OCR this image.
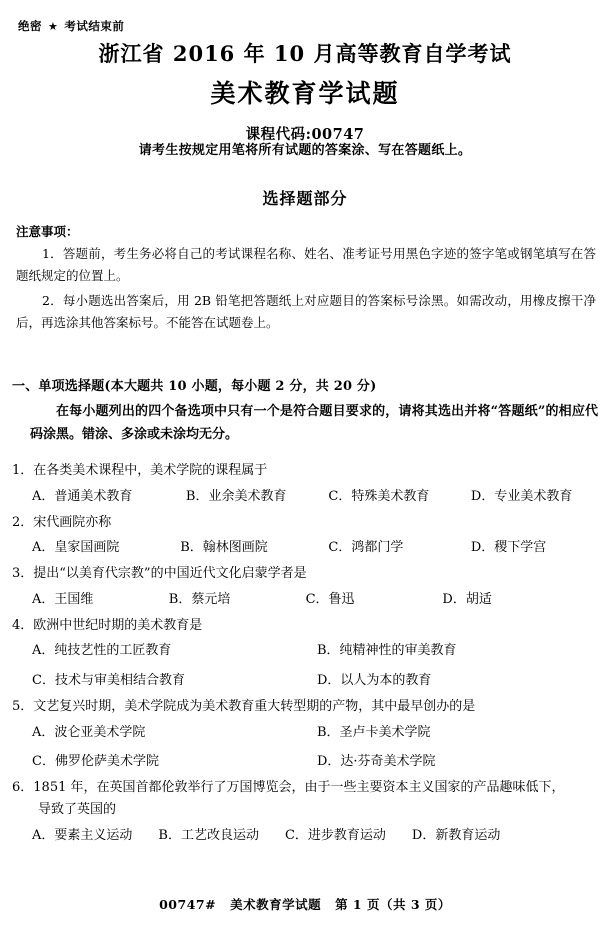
绝密 ★ 考试结束前
浙江省 2016 年 10 月高等教育自学考试
美术教育学试题
课程代码:00747
请考生按规定用笔将所有试题的答案涂、写在答题纸上。
选择题部分
注意事项：
1．答题前，考生务必将自己的考试课程名称、姓名、准考证号用黑色字迹的签字笔或钢笔填写在答题纸规定的位置上。
2．每小题选出答案后，用 2B 铅笔把答题纸上对应题目的答案标号涂黑。如需改动，用橡皮擦干净后，再选涂其他答案标号。不能答在试题卷上。
一、单项选择题(本大题共 10 小题，每小题 2 分，共 20 分)
在每小题列出的四个备选项中只有一个是符合题目要求的，请将其选出并将“答题纸”的相应代码涂黑。错涂、多涂或未涂均无分。
1．在各类美术课程中，美术学院的课程属于
A．普通美术教育	B．业余美术教育	C．特殊美术教育	D．专业美术教育
2．宋代画院亦称
A．皇家国画院	B．翰林图画院	C．鸿都门学	D．稷下学宫
3．提出“以美育代宗教”的中国近代文化启蒙学者是
A．王国维	B．蔡元培	C．鲁迅	D．胡适
4．欧洲中世纪时期的美术教育是
A．纯技艺性的工匠教育	B．纯精神性的审美教育
C．技术与审美相结合教育	D．以人为本的教育
5．文艺复兴时期，美术学院成为美术教育重大转型期的产物，其中最早创办的是
A．波仑亚美术学院	B．圣卢卡美术学院
C．佛罗伦萨美术学院	D．达·芬奇美术学院
6．1851 年，在英国首都伦敦举行了万国博览会，由于一些主要资本主义国家的产品趣味低下，
导致了英国的
A．要素主义运动 B．工艺改良运动 C．进步教育运动 D．新教育运动
00747# 美术教育学试题 第 1 页（共 3 页）
